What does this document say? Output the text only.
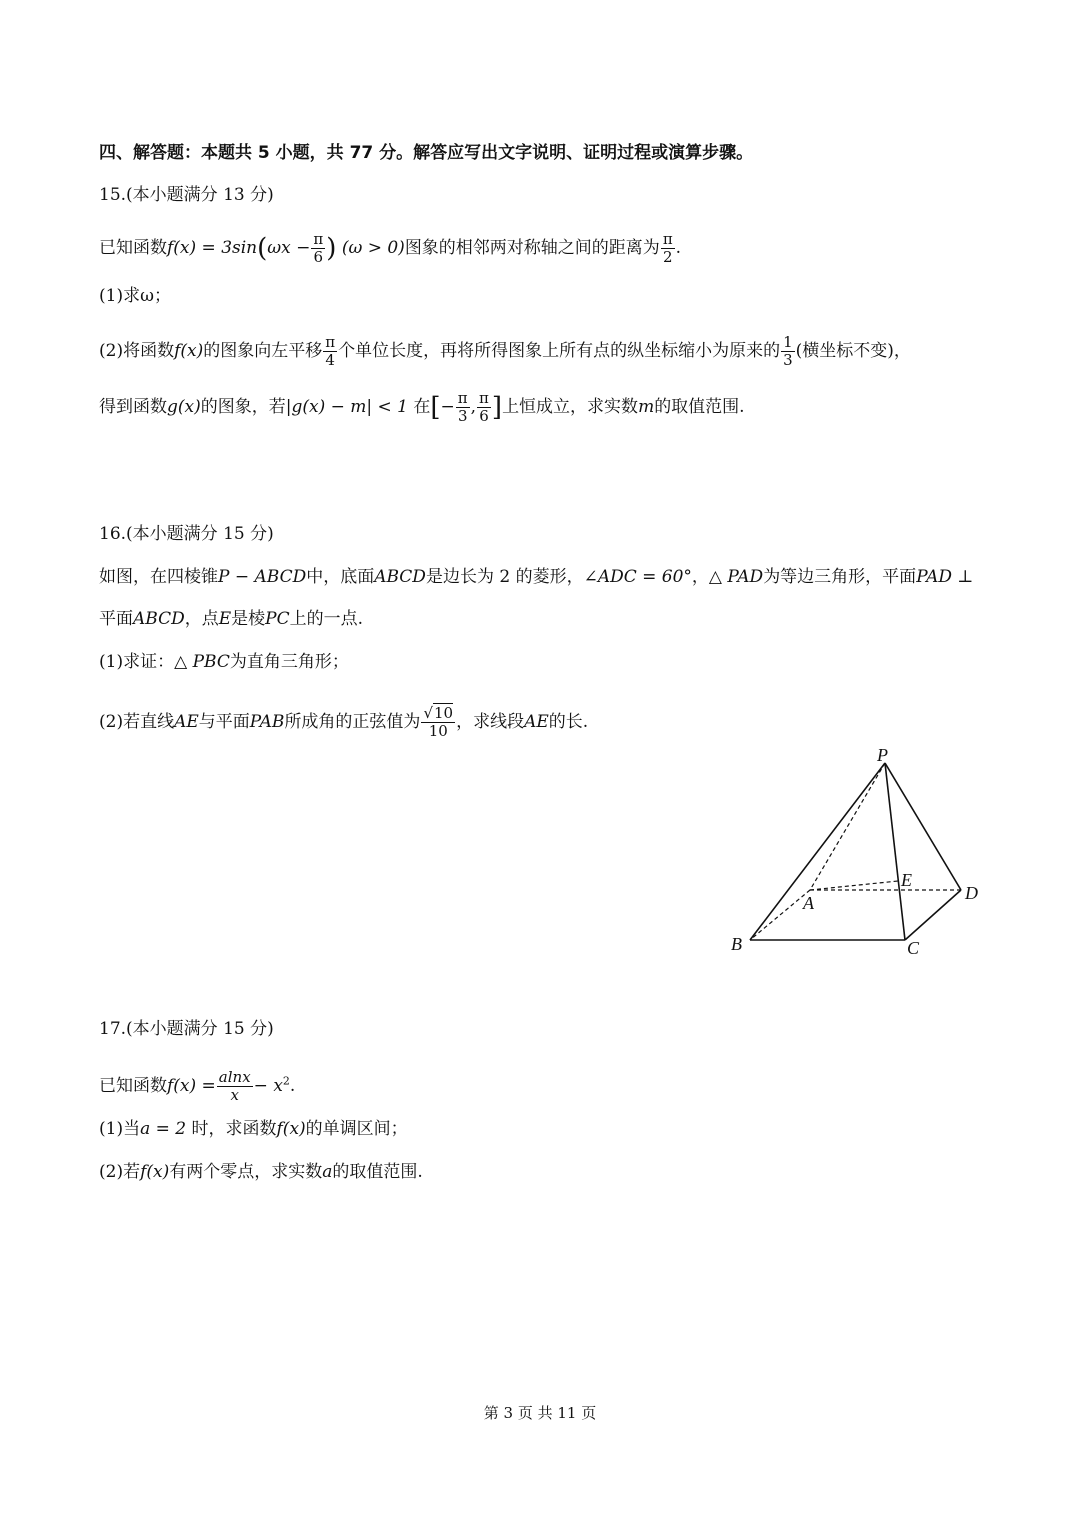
四、解答题：本题共 5 小题，共 77 分。解答应写出文字说明、证明过程或演算步骤。
15.(本小题满分 13 分)
已知函数$f(x) = 3\sin(\omega x - \frac{\pi}{6}$ ) (ω > 0)图象的相邻两对称轴之间的距离为 $\frac{\pi}{2}$ .
(1)求ω；
(2)将函数f(x)的图象向左平移 $\frac{\pi}{4}$ 个单位长度，再将所得图象上所有点的纵坐标缩小为原来的 $\frac{1}{3}$ (横坐标不变)，
得到函数g(x)的图象，若|g(x) − m| < 1 在[− $\frac{\pi}{3}$ , $\frac{\pi}{6}$ ]上恒成立，求实数m的取值范围.
16.(本小题满分 15 分)
如图，在四棱锥P − ABCD中，底面ABCD是边长为 2 的菱形，∠ADC = 60°，△ PAD为等边三角形，平面PAD ⊥
平面ABCD，点E是棱PC上的一点.
(1)求证：△ PBC为直角三角形；
(2)若直线AE与平面PAB所成角的正弦值为 $\frac{√10}{10}$ ，求线段AE的长.
P
A
B	C
D
E
17.(本小题满分 15 分)
已知函数$f(x) = \frac{alnx}{x} - x^2$.
(1)当a = 2 时，求函数f(x)的单调区间；
(2)若f(x)有两个零点，求实数a的取值范围.
第 3 页 共 11 页
